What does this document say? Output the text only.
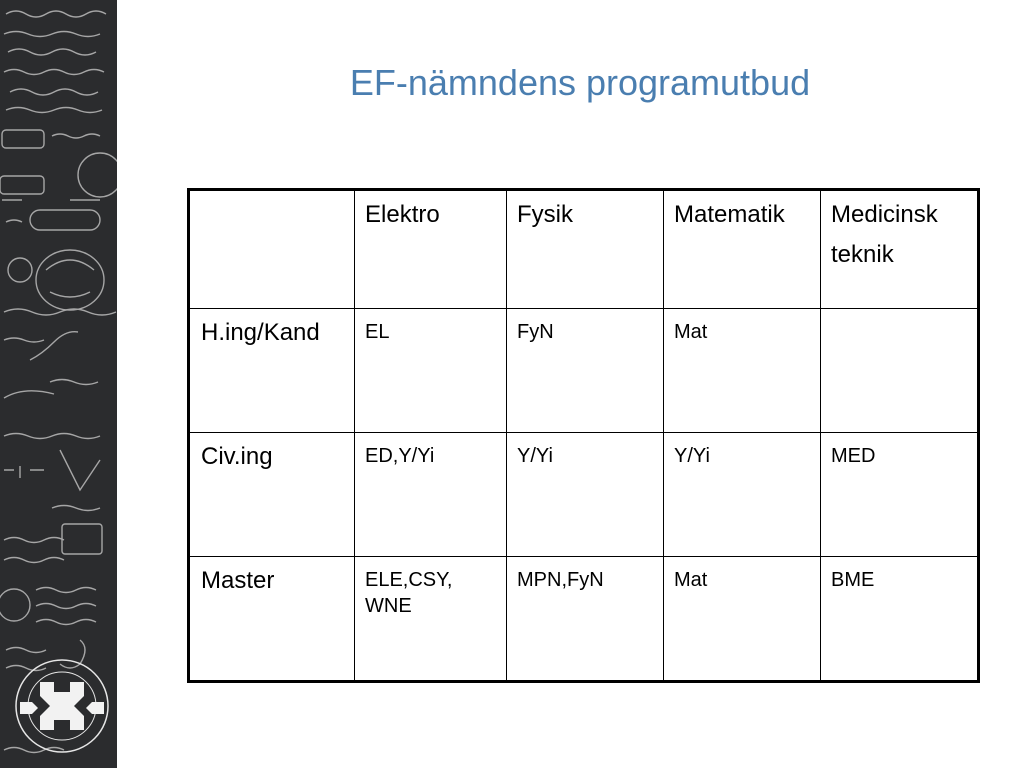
EF-nämndens programutbud
	Elektro	Fysik	Matematik	Medicinsk teknik
H.ing/Kand	EL	FyN	Mat	
Civ.ing	ED,Y/Yi	Y/Yi	Y/Yi	MED
Master	ELE,CSY, WNE	MPN,FyN	Mat	BME
